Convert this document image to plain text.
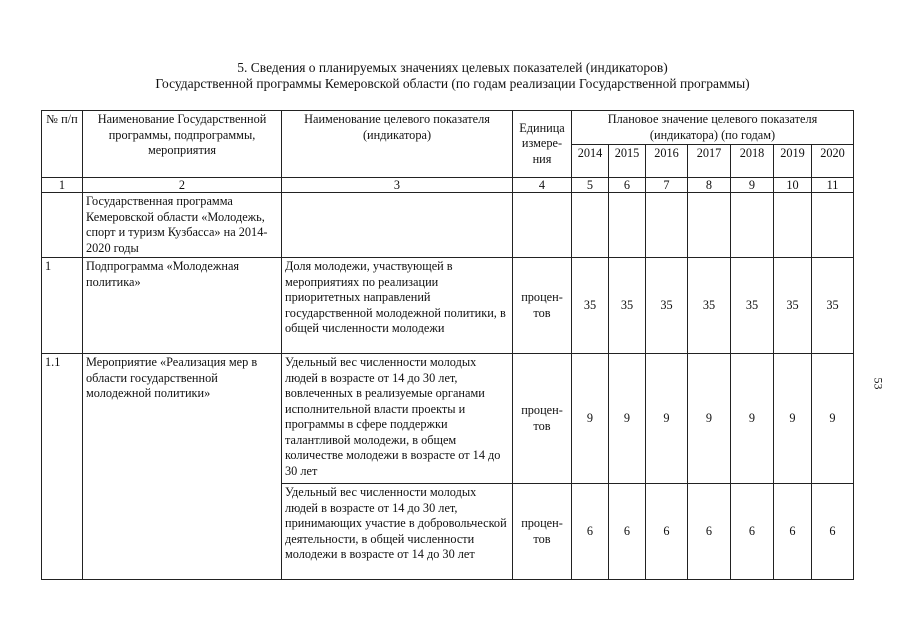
5. Сведения о планируемых значениях целевых показателей (индикаторов)
Государственной программы Кемеровской области (по годам реализации Государственной программы)
53
№ п/п	Наименование Государственной программы, подпрограммы, мероприятия	Наименование целевого показателя (индикатора)	Единица измере-ния	Плановое значение целевого показателя (индикатора) (по годам)						
				2014	2015	2016	2017	2018	2019	2020
1	2	3	4	5	6	7	8	9	10	11
	Государственная программа Кемеровской области «Молодежь, спорт и туризм Кузбасса» на 2014-2020 годы									
1	Подпрограмма «Молодежная политика»	Доля молодежи, участвующей в мероприятиях по реализации приоритетных направлений государственной молодежной политики, в общей численности молодежи	процен-тов	35	35	35	35	35	35	35
1.1	Мероприятие «Реализация мер в области государственной молодежной политики»	Удельный вес численности молодых людей в возрасте от 14 до 30 лет, вовлеченных в реализуемые органами исполнительной власти проекты и программы в сфере поддержки талантливой молодежи, в общем количестве молодежи в возрасте от 14 до 30 лет	процен-тов	9	9	9	9	9	9	9
		Удельный вес численности молодых людей в возрасте от 14 до 30 лет, принимающих участие в добровольческой деятельности, в общей численности молодежи в возрасте от 14 до 30 лет	процен-тов	6	6	6	6	6	6	6
